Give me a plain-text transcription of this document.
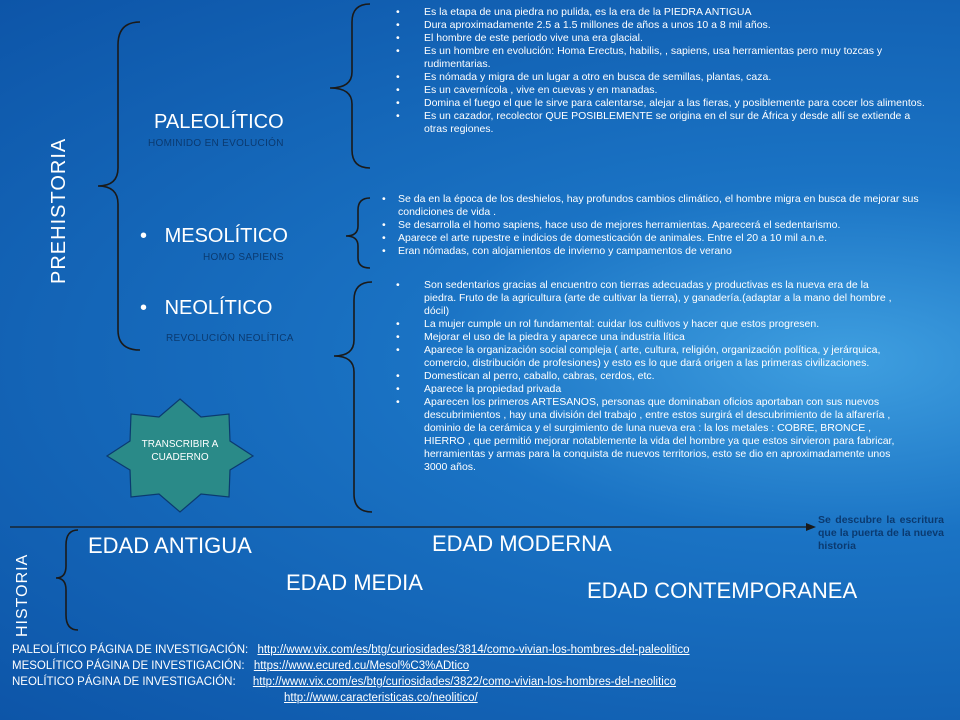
PREHISTORIA
PALEOLÍTICO
HOMINIDO EN EVOLUCIÓN
• MESOLÍTICO
HOMO SAPIENS
• NEOLÍTICO
REVOLUCIÓN NEOLÍTICA
• Es la etapa de una piedra no pulida, es la era de la PIEDRA ANTIGUA
• Dura aproximadamente 2.5 a 1.5 millones de años a unos 10 a 8 mil años.
• El hombre de este periodo vive una era glacial.
• Es un hombre en evolución: Homa Erectus, habilis, , sapiens, usa herramientas pero muy tozcas y rudimentarias.
• Es nómada y migra de un lugar a otro en busca de semillas, plantas, caza.
• Es un cavernícola , vive en cuevas y en manadas.
• Domina el fuego el que le sirve para calentarse, alejar a las fieras, y posiblemente para cocer los alimentos.
• Es un cazador, recolector QUE POSIBLEMENTE se origina en el sur de África y desde allí se extiende a otras regiones.
• Se da en la época de los deshielos, hay profundos cambios climático, el hombre migra en busca de mejorar sus condiciones de vida .
• Se desarrolla el homo sapiens, hace uso de mejores herramientas. Aparecerá el sedentarismo.
• Aparece el arte rupestre e indicios de domesticación de animales. Entre el 20 a 10 mil a.n.e.
• Eran nómadas, con alojamientos de invierno y campamentos de verano
• Son sedentarios gracias al encuentro con tierras adecuadas y productivas es la nueva era de la piedra. Fruto de la agricultura (arte de cultivar la tierra), y ganadería.(adaptar a la mano del hombre , dócil)
• La mujer cumple un rol fundamental: cuidar los cultivos y hacer que estos progresen.
• Mejorar el uso de la piedra y aparece una industria lítica
• Aparece la organización social compleja ( arte, cultura, religión, organización política, y jerárquica, comercio, distribución de profesiones) y esto es lo que dará origen a las primeras civilizaciones.
• Domestican al perro, caballo, cabras, cerdos, etc.
• Aparece la propiedad privada
• Aparecen los primeros ARTESANOS, personas que dominaban oficios aportaban con sus nuevos descubrimientos , hay una división del trabajo , entre estos surgirá el descubrimiento de la alfarería , dominio de la cerámica y el surgimiento de luna nueva era : la los metales : COBRE, BRONCE , HIERRO , que permitió mejorar notablemente la vida del hombre ya que estos sirvieron para fabricar, herramientas y armas para la conquista de nuevos territorios, esto se dio en aproximadamente unos 3000 años.
TRANSCRIBIR A CUADERNO
HISTORIA
EDAD ANTIGUA	EDAD MODERNA
EDAD MEDIA	EDAD CONTEMPORANEA
Se descubre la escritura que la puerta de la nueva historia
PALEOLÍTICO PÁGINA DE INVESTIGACIÓN: http://www.vix.com/es/btg/curiosidades/3814/como-vivian-los-hombres-del-paleolitico
MESOLÍTICO PÁGINA DE INVESTIGACIÓN: https://www.ecured.cu/Mesol%C3%ADtico
NEOLÍTICO PÁGINA DE INVESTIGACIÓN: http://www.vix.com/es/btg/curiosidades/3822/como-vivian-los-hombres-del-neolitico
http://www.caracteristicas.co/neolitico/
